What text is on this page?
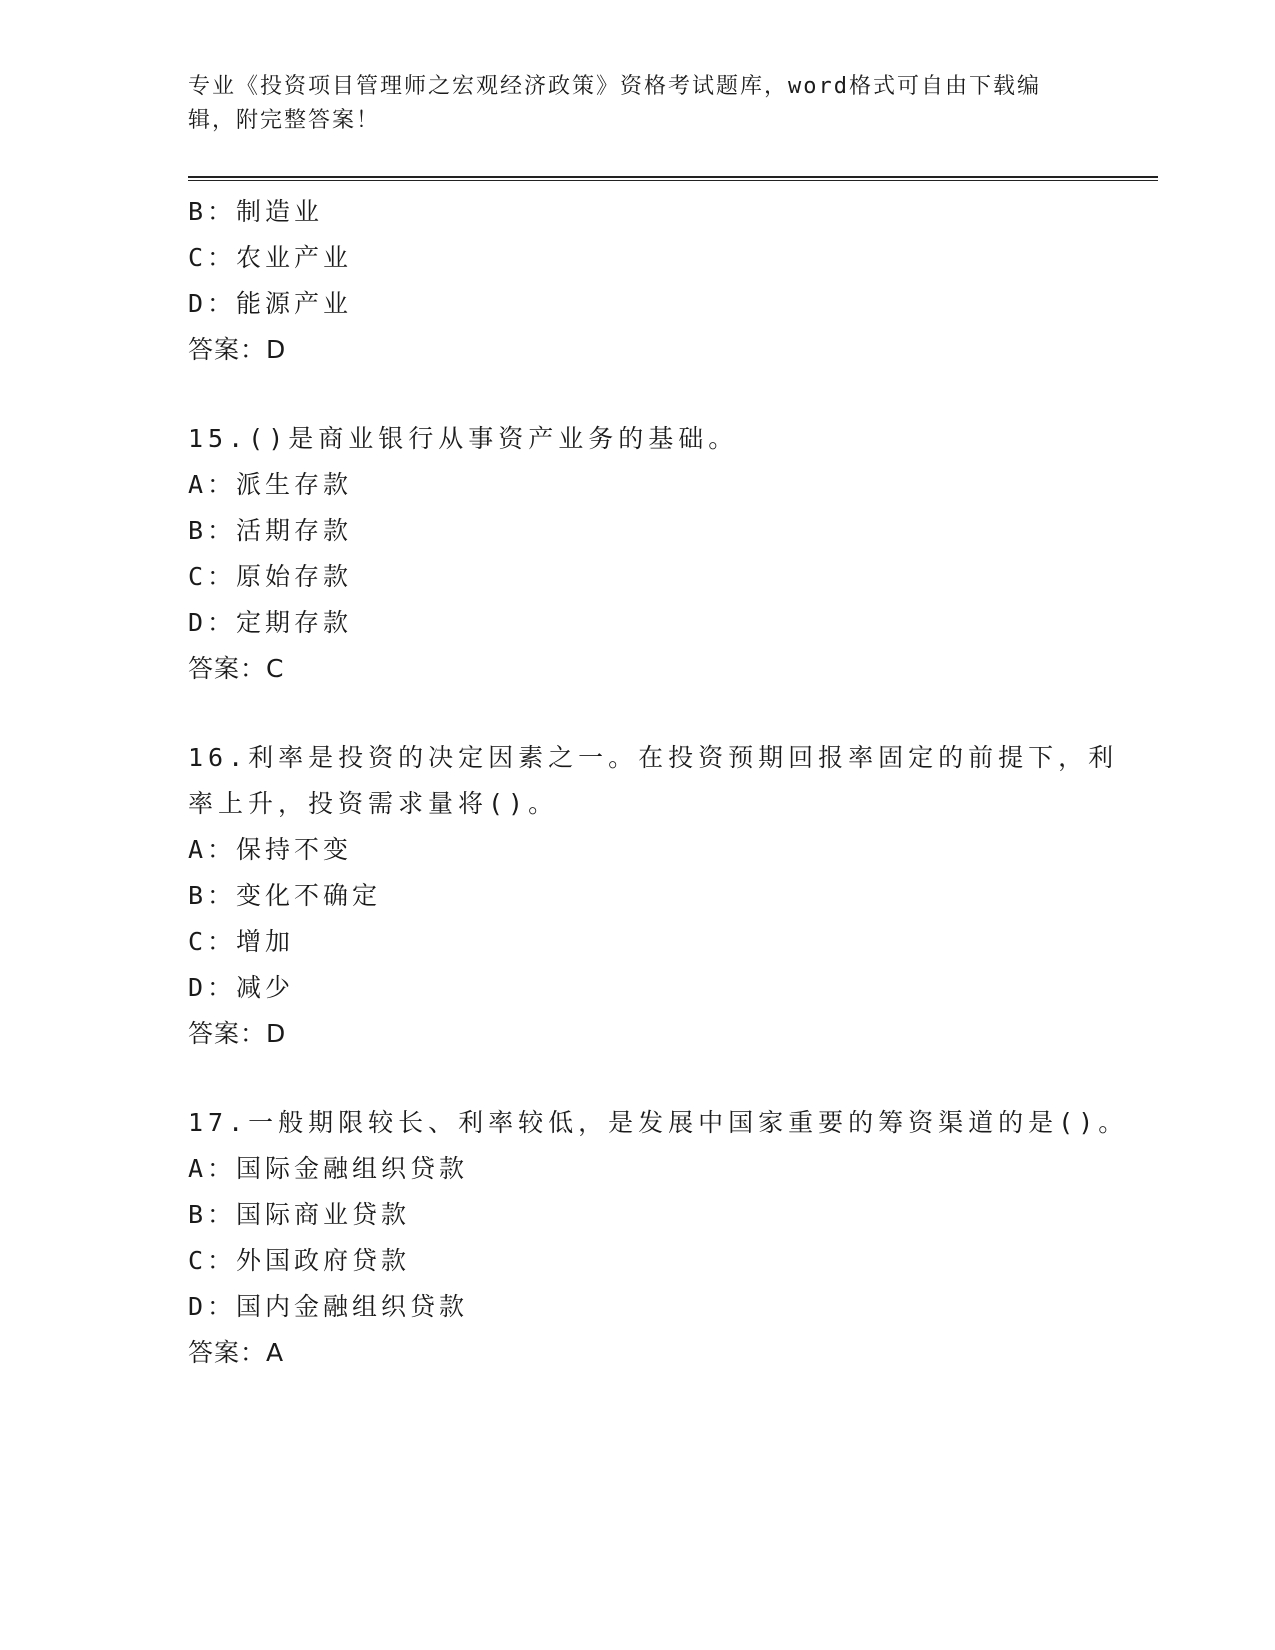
专业《投资项目管理师之宏观经济政策》资格考试题库，word格式可自由下载编
辑，附完整答案！
B：制造业
C：农业产业
D：能源产业
答案：D
15.()是商业银行从事资产业务的基础。
A：派生存款
B：活期存款
C：原始存款
D：定期存款
答案：C
16.利率是投资的决定因素之一。在投资预期回报率固定的前提下，利
率上升，投资需求量将()。
A：保持不变
B：变化不确定
C：增加
D：减少
答案：D
17.一般期限较长、利率较低，是发展中国家重要的筹资渠道的是()。
A：国际金融组织贷款
B：国际商业贷款
C：外国政府贷款
D：国内金融组织贷款
答案：A
